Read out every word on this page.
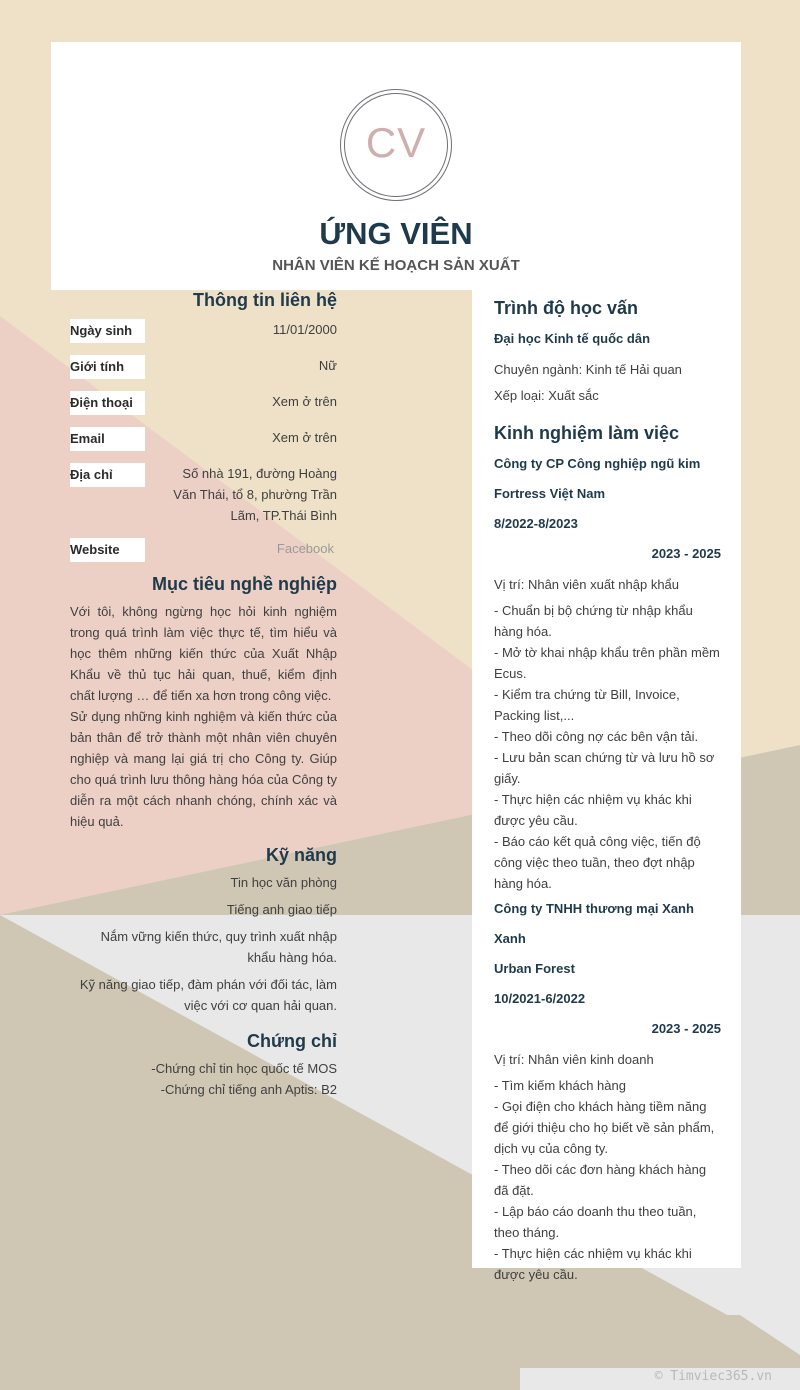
CV
ỨNG VIÊN
NHÂN VIÊN KẾ HOẠCH SẢN XUẤT
Thông tin liên hệ
Ngày sinh	11/01/2000
Giới tính	Nữ
Điện thoại	Xem ở trên
Email	Xem ở trên
Địa chỉ	Số nhà 191, đường Hoàng Văn Thái, tổ 8, phường Trần Lãm, TP.Thái Bình
Website	Facebook
Mục tiêu nghề nghiệp

Với tôi, không ngừng học hỏi kinh nghiệm trong quá trình làm việc thực tế, tìm hiểu và học thêm những kiến thức của Xuất Nhập Khẩu về thủ tục hải quan, thuế, kiểm định chất lượng … để tiến xa hơn trong công việc.

Sử dụng những kinh nghiệm và kiến thức của bản thân để trở thành một nhân viên chuyên nghiệp và mang lại giá trị cho Công ty. Giúp cho quá trình lưu thông hàng hóa của Công ty diễn ra một cách nhanh chóng, chính xác và hiệu quả.

Kỹ năng
Tin học văn phòng
Tiếng anh giao tiếp
Nắm vững kiến thức, quy trình xuất nhập khẩu hàng hóa.
Kỹ năng giao tiếp, đàm phán với đối tác, làm việc với cơ quan hải quan.
Chứng chỉ
-Chứng chỉ tin học quốc tế MOS
-Chứng chỉ tiếng anh Aptis: B2
Trình độ học vấn
Đại học Kinh tế quốc dân
Chuyên ngành: Kinh tế Hải quan
Xếp loại: Xuất sắc
Kinh nghiệm làm việc
Công ty CP Công nghiệp ngũ kim
Fortress Việt Nam
8/2022-8/2023
2023 - 2025
Vị trí: Nhân viên xuất nhập khẩu
- Chuẩn bị bộ chứng từ nhập khẩu hàng hóa.
- Mở tờ khai nhập khẩu trên phần mềm Ecus.
- Kiểm tra chứng từ Bill, Invoice, Packing list,...
- Theo dõi công nợ các bên vận tải.
- Lưu bản scan chứng từ và lưu hồ sơ giấy.
- Thực hiện các nhiệm vụ khác khi được yêu cầu.
- Báo cáo kết quả công việc, tiến độ công việc theo tuần, theo đợt nhập hàng hóa.
Công ty TNHH thương mại Xanh Xanh
Urban Forest
10/2021-6/2022
2023 - 2025
Vị trí: Nhân viên kinh doanh
- Tìm kiếm khách hàng
- Gọi điện cho khách hàng tiềm năng để giới thiệu cho họ biết về sản phẩm, dịch vụ của công ty.
- Theo dõi các đơn hàng khách hàng đã đặt.
- Lập báo cáo doanh thu theo tuần, theo tháng.
- Thực hiện các nhiệm vụ khác khi được yêu cầu.
© Timviec365.vn
